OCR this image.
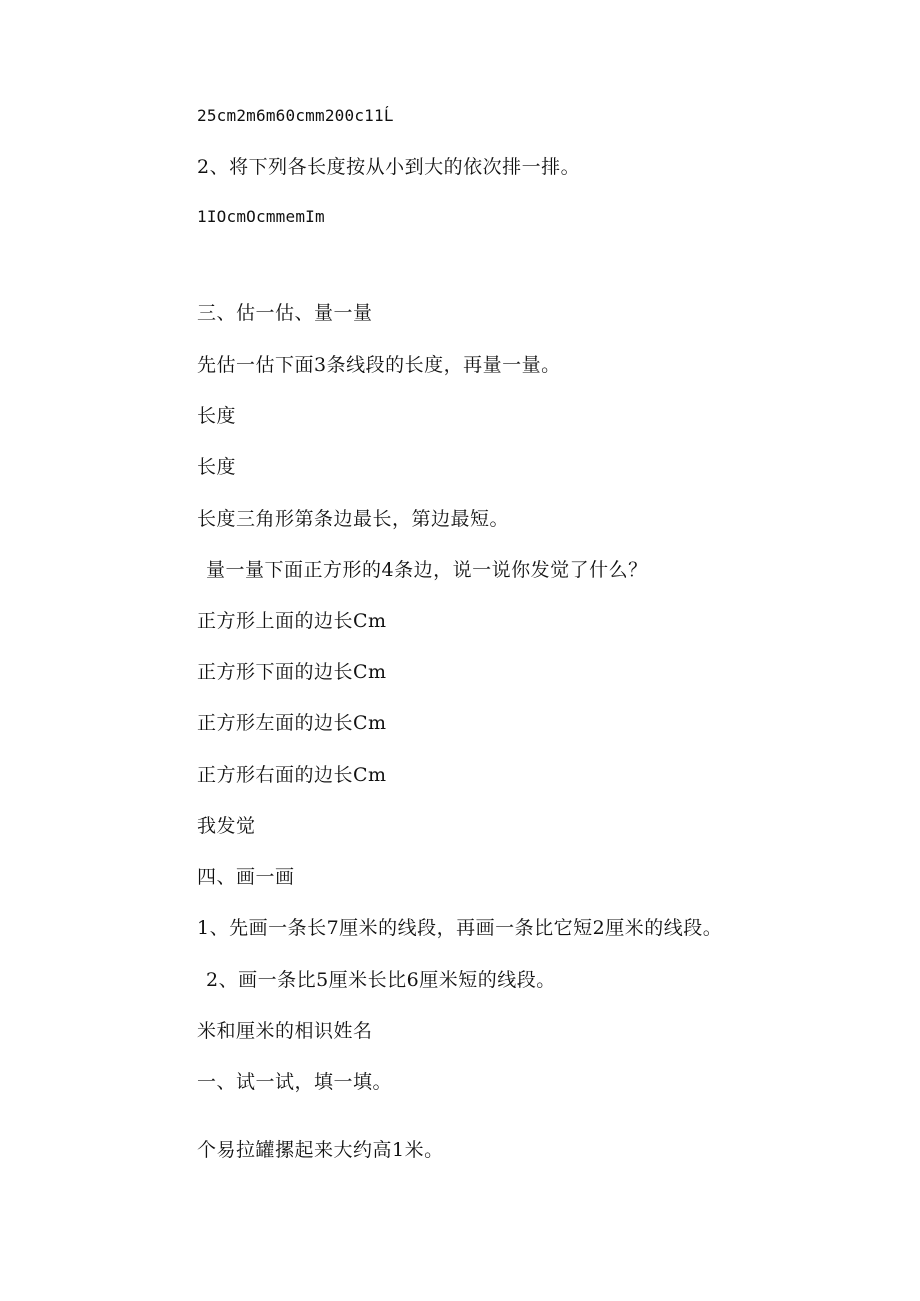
25cm2m6m60cmm200c11Ĺ
2、将下列各长度按从小到大的依次排一排。
1IOcmOcmmemIm
三、估一估、量一量
先估一估下面3条线段的长度，再量一量。
长度
长度
长度三角形第条边最长，第边最短。
量一量下面正方形的4条边，说一说你发觉了什么？
正方形上面的边长Cm
正方形下面的边长Cm
正方形左面的边长Cm
正方形右面的边长Cm
我发觉
四、画一画
1、先画一条长7厘米的线段，再画一条比它短2厘米的线段。
2、画一条比5厘米长比6厘米短的线段。
米和厘米的相识姓名
一、试一试，填一填。
个易拉罐摞起来大约高1米。
